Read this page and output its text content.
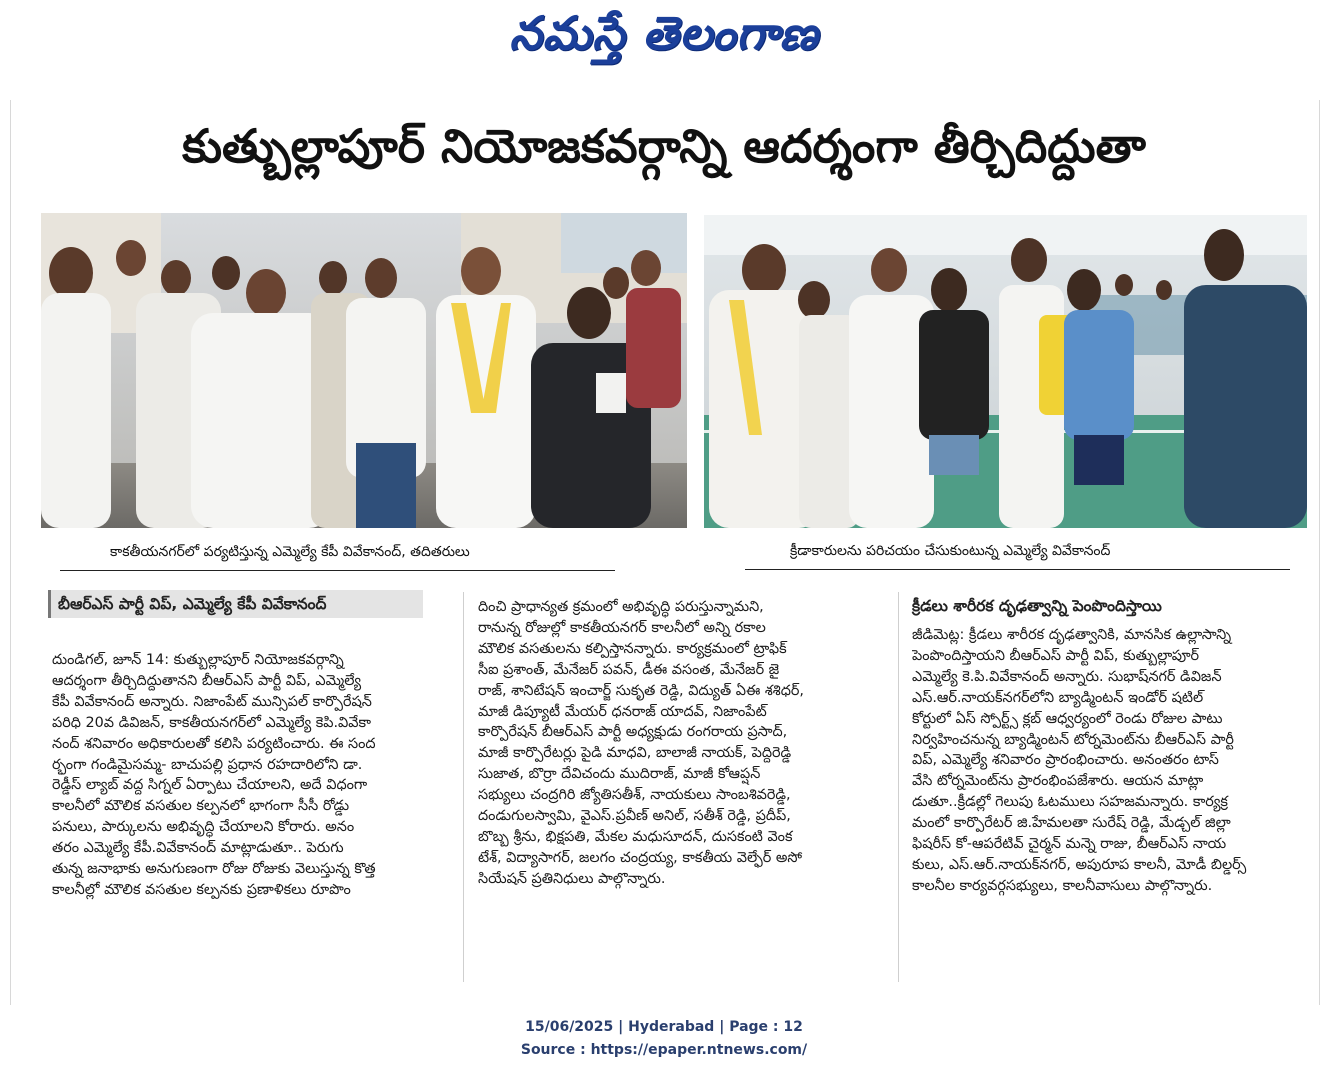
నమస్తే తెలంగాణ
కుత్బుల్లాపూర్ నియోజకవర్గాన్ని ఆదర్శంగా తీర్చిదిద్దుతా
కాకతీయనగర్‌లో పర్యటిస్తున్న ఎమ్మెల్యే కేపీ వివేకానంద్, తదితరులు	క్రీడాకారులను పరిచయం చేసుకుంటున్న ఎమ్మెల్యే వివేకానంద్
బీఆర్‌ఎస్ పార్టీ విప్, ఎమ్మెల్యే కేపీ వివేకానంద్

దుండిగల్, జూన్ 14: కుత్బుల్లాపూర్ నియోజకవర్గాన్ని

ఆదర్శంగా తీర్చిదిద్దుతానని బీఆర్‌ఎస్ పార్టీ విప్, ఎమ్మెల్యే

కేపీ వివేకానంద్ అన్నారు. నిజాంపేట్ మున్సిపల్ కార్పొరేషన్

పరిధి 20వ డివిజన్, కాకతీయనగర్‌లో ఎమ్మెల్యే కెపి.వివేకా

నంద్ శనివారం అధికారులతో కలిసి పర్యటించారు. ఈ సంద

ర్భంగా గండిమైసమ్మ- బాచుపల్లి ప్రధాన రహదారిలోని డా.

రెడ్డీస్ ల్యాబ్ వద్ద సిగ్నల్ ఏర్పాటు చేయాలని, అదే విధంగా

కాలనీలో మౌలిక వసతుల కల్పనలో భాగంగా సీసీ రోడ్డు

పనులు, పార్కులను అభివృద్ధి చేయాలని కోరారు. అనం

తరం ఎమ్మెల్యే కేపీ.వివేకానంద్ మాట్లాడుతూ.. పెరుగు

తున్న జనాభాకు అనుగుణంగా రోజు రోజుకు వెలుస్తున్న కొత్త

కాలనీల్లో మౌలిక వసతుల కల్పనకు ప్రణాళికలు రూపొం

దించి ప్రాధాన్యత క్రమంలో అభివృద్ధి పరుస్తున్నామని,

రానున్న రోజుల్లో కాకతీయనగర్ కాలనీలో అన్ని రకాల

మౌలిక వసతులను కల్పిస్తానన్నారు. కార్యక్రమంలో ట్రాఫిక్

సీఐ ప్రశాంత్, మేనేజర్ పవన్, డీఈ వసంత, మేనేజర్ జై

రాజ్, శానిటేషన్ ఇంచార్జ్ సుకృత రెడ్డి, విద్యుత్ ఏఈ శశిధర్,

మాజీ డిప్యూటీ మేయర్ ధనరాజ్ యాదవ్, నిజాంపేట్

కార్పొరేషన్ బీఆర్‌ఎస్ పార్టీ అధ్యక్షుడు రంగరాయ ప్రసాద్,

మాజీ కార్పొరేటర్లు పైడి మాధవి, బాలాజీ నాయక్, పెద్దిరెడ్డి

సుజాత, బొర్రా దేవిచందు ముదిరాజ్, మాజీ కోఆప్షన్

సభ్యులు చంద్రగిరి జ్యోతిసతీశ్, నాయకులు సాంబశివరెడ్డి,

దండుగులస్వామి, వైఎస్.ప్రవీణ్ అనిల్, సతీశ్ రెడ్డి, ప్రదీప్,

బొబ్బ శ్రీను, భిక్షపతి, మేకల మధుసూదన్, దుసకంటి వెంక

టేశ్, విద్యాసాగర్, జలగం చంద్రయ్య, కాకతీయ వెల్ఫేర్ అసో

సియేషన్ ప్రతినిధులు పాల్గొన్నారు.

క్రీడలు శారీరక దృఢత్వాన్ని పెంపొందిస్తాయి

జీడిమెట్ల: క్రీడలు శారీరక దృఢత్వానికి, మానసిక ఉల్లాసాన్ని

పెంపొందిస్తాయని బీఆర్‌ఎస్ పార్టీ విప్, కుత్బుల్లాపూర్

ఎమ్మెల్యే కె.పి.వివేకానంద్ అన్నారు. సుభాష్‌నగర్ డివిజన్

ఎస్.ఆర్.నాయక్‌నగర్‌లోని బ్యాడ్మింటన్ ఇండోర్ షటిల్

కోర్టులో ఏస్ స్పోర్ట్స్ క్లబ్ ఆధ్వర్యంలో రెండు రోజుల పాటు

నిర్వహించనున్న బ్యాడ్మింటన్ టోర్నమెంట్‌ను బీఆర్‌ఎస్ పార్టీ

విప్, ఎమ్మెల్యే శనివారం ప్రారంభించారు. అనంతరం టాస్

వేసి టోర్నమెంట్‌ను ప్రారంభింపజేశారు. ఆయన మాట్లా

డుతూ..క్రీడల్లో గెలుపు ఓటములు సహజమన్నారు. కార్యక్ర

మంలో కార్పొరేటర్ జి.హేమలతా సురేష్ రెడ్డి, మేడ్చల్ జిల్లా

ఫిషరీస్ కో-ఆపరేటివ్ చైర్మన్ మన్నె రాజు, బీఆర్‌ఎస్ నాయ

కులు, ఎస్.ఆర్.నాయక్‌నగర్, అపురూప కాలనీ, మోడీ బిల్డర్స్

కాలనీల కార్యవర్గసభ్యులు, కాలనీవాసులు పాల్గొన్నారు.

15/06/2025 | Hyderabad | Page : 12
Source : https://epaper.ntnews.com/
